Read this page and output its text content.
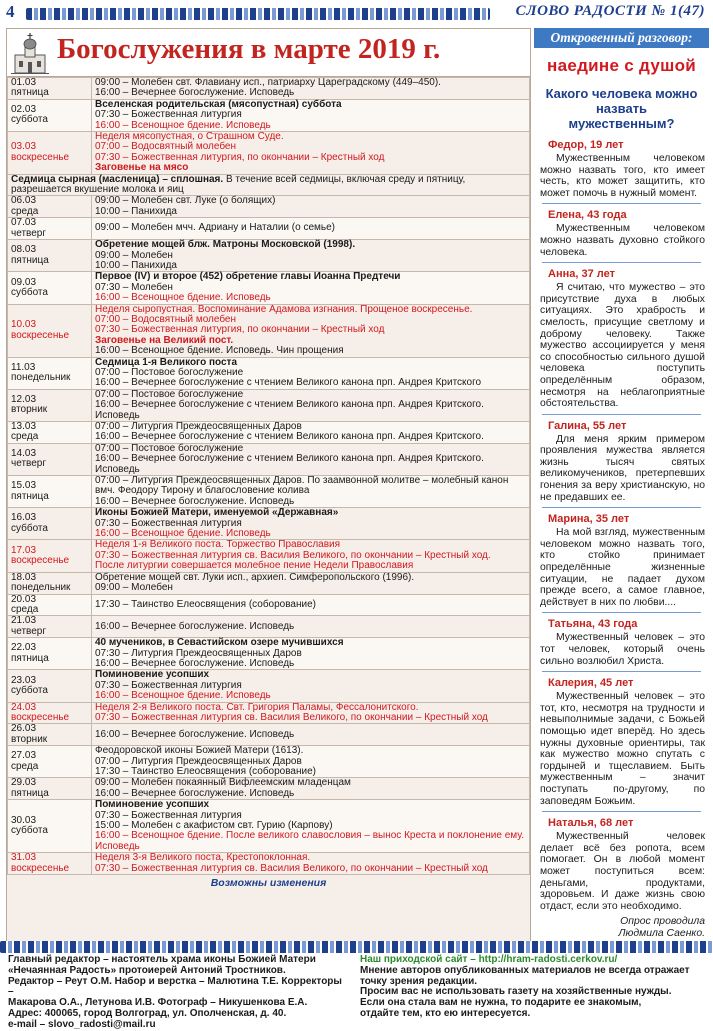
4	СЛОВО РАДОСТИ № 1(47)
Богослужения в марте 2019 г.
01.03
пятница	09:00 – Молебен свт. Флавиану исп., патриарху Цареградскому (449–450).
16:00 – Вечернее богослужение. Исповедь

02.03
суббота	Вселенская родительская (мясопустная) суббота
07:30 – Божественная литургия
16:00 – Всенощное бдение. Исповедь

03.03
воскресенье	Неделя мясопустная, о Страшном Суде.
07:00 – Водосвятный молебен
07:30 – Божественная литургия, по окончании – Крестный ход
Заговенье на мясо

Седмица сырная (масленица) – сплошная. В течение всей седмицы, включая среду и пятницу, разрешается вкушение молока и яиц	

06.03
среда	09:00 – Молебен свт. Луке (о болящих)
10:00 – Панихида

07.03
четверг	09:00 – Молебен мчч. Адриану и Наталии (о семье)

08.03
пятница	Обретение мощей блж. Матроны Московской (1998).
09:00 – Молебен
10:00 – Панихида

09.03
суббота	Первое (IV) и второе (452) обретение главы Иоанна Предтечи
07:30 – Молебен
16:00 – Всенощное бдение. Исповедь

10.03
воскресенье	Неделя сыропустная. Воспоминание Адамова изгнания. Прощеное воскресенье.
07:00 – Водосвятный молебен
07:30 – Божественная литургия, по окончании – Крестный ход
Заговенье на Великий пост.
16:00 – Всенощное бдение. Исповедь. Чин прощения

11.03
понедельник	Седмица 1-я Великого поста
07:00 – Постовое богослужение
16:00 – Вечернее богослужение с чтением Великого канона прп. Андрея Критского

12.03
вторник	07:00 – Постовое богослужение
16:00 – Вечернее богослужение с чтением Великого канона прп. Андрея Критского. Исповедь

13.03
среда	07:00 – Литургия Преждеосвященных Даров
16:00 – Вечернее богослужение с чтением Великого канона прп. Андрея Критского.

14.03
четверг	07:00 – Постовое богослужение
16:00 – Вечернее богослужение с чтением Великого канона прп. Андрея Критского. Исповедь

15.03
пятница	07:00 – Литургия Преждеосвященных Даров. По заамвонной молитве – молебный канон вмч. Феодору Тирону и благословение колива
16:00 – Вечернее богослужение. Исповедь

16.03
суббота	Иконы Божией Матери, именуемой «Державная»
07:30 – Божественная литургия
16:00 – Всенощное бдение. Исповедь

17.03
воскресенье	Неделя 1-я Великого поста. Торжество Православия
07:30 – Божественная литургия св. Василия Великого, по окончании – Крестный ход.
После литургии совершается молебное пение Недели Православия

18.03
понедельник	Обретение мощей свт. Луки исп., архиеп. Симферопольского (1996).
09:00 – Молебен

20.03
среда	17:30 – Таинство Елеосвящения (соборование)

21.03
четверг	16:00 – Вечернее богослужение. Исповедь

22.03
пятница	40 мучеников, в Севастийском озере мучившихся
07:30 – Литургия Преждеосвященных Даров
16:00 – Вечернее богослужение. Исповедь

23.03
суббота	Поминовение усопших
07:30 – Божественная литургия
16:00 – Всенощное бдение. Исповедь

24.03
воскресенье	Неделя 2-я Великого поста. Свт. Григория Паламы, Фессалонитского.
07:30 – Божественная литургия св. Василия Великого, по окончании – Крестный ход

26.03
вторник	16:00 – Вечернее богослужение. Исповедь

27.03
среда	Феодоровской иконы Божией Матери (1613).
07:00 – Литургия Преждеосвященных Даров
17:30 – Таинство Елеосвящения (соборование)

29.03
пятница	09:00 – Молебен покаянный Вифлеемским младенцам
16:00 – Вечернее богослужение. Исповедь

30.03
суббота	Поминовение усопших
07:30 – Божественная литургия
15:00 – Молебен с акафистом свт. Гурию (Карпову)
16:00 – Всенощное бдение. После великого славословия – вынос Креста и поклонение ему. Исповедь

31.03
воскресенье	Неделя 3-я Великого поста, Крестопоклонная.
07:30 – Божественная литургия св. Василия Великого, по окончании – Крестный ход
Возможны изменения
Откровенный разговор:
наедине с душой
Какого человека можно назвать мужественным?
Федор, 19 лет
Мужественным человеком можно назвать того, кто имеет честь, кто может защитить, кто может помочь в нужный момент.
Елена, 43 года
Мужественным человеком можно назвать духовно стойкого человека.
Анна, 37 лет
Я считаю, что мужество – это присутствие духа в любых ситуациях. Это храбрость и смелость, присущие светлому и доброму человеку. Также мужество ассоциируется у меня со способностью сильного душой человека поступить определённым образом, несмотря на неблагоприятные обстоятельства.
Галина, 55 лет
Для меня ярким примером проявления мужества является жизнь тысяч святых великомучеников, претерпевших гонения за веру христианскую, но не предавших ее.
Марина, 35 лет
На мой взгляд, мужественным человеком можно назвать того, кто стойко принимает определённые жизненные ситуации, не падает духом прежде всего, а самое главное, действует в них по любви....
Татьяна, 43 года
Мужественный человек – это тот человек, который очень сильно возлюбил Христа.
Калерия, 45 лет
Мужественный человек – это тот, кто, несмотря на трудности и невыполнимые задачи, с Божьей помощью идет вперёд. Но здесь нужны духовные ориентиры, так как мужество можно спутать с гордыней и тщеславием. Быть мужественным – значит поступать по-другому, по заповедям Божьим.
Наталья, 68 лет
Мужественный человек делает всё без ропота, всем помогает. Он в любой момент может поступиться всем: деньгами, продуктами, здоровьем. И даже жизнь свою отдаст, если это необходимо.
Опрос проводила
Людмила Саенко.
Главный редактор – настоятель храма иконы Божией Матери
«Нечаянная Радость» протоиерей Антоний Тростников.
Редактор – Реут О.М. Набор и верстка – Малютина Т.Е. Корректоры –
Макарова О.А., Летунова И.В. Фотограф – Никушенкова Е.А.
Адрес: 400065, город Волгоград, ул. Ополченская, д. 40.
e-mail – slovo_radosti@mail.ru
Наш приходской сайт – http://hram-radosti.cerkov.ru/
Мнение авторов опубликованных материалов не всегда отражает
точку зрения редакции.
Просим вас не использовать газету на хозяйственные нужды.
Если она стала вам не нужна, то подарите ее знакомым,
отдайте тем, кто ею интересуется.
